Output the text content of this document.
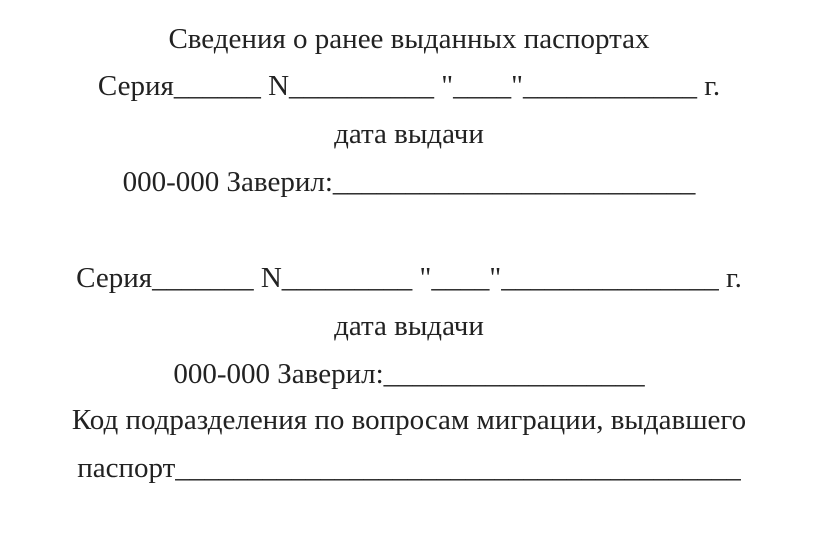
Сведения о ранее выданных паспортах
Серия______ N__________ "____"____________ г.
дата выдачи
000-000 Заверил:_________________________
Серия_______ N_________ "____"_______________ г.
дата выдачи
000-000 Заверил:__________________
Код подразделения по вопросам миграции, выдавшего
паспорт_______________________________________
